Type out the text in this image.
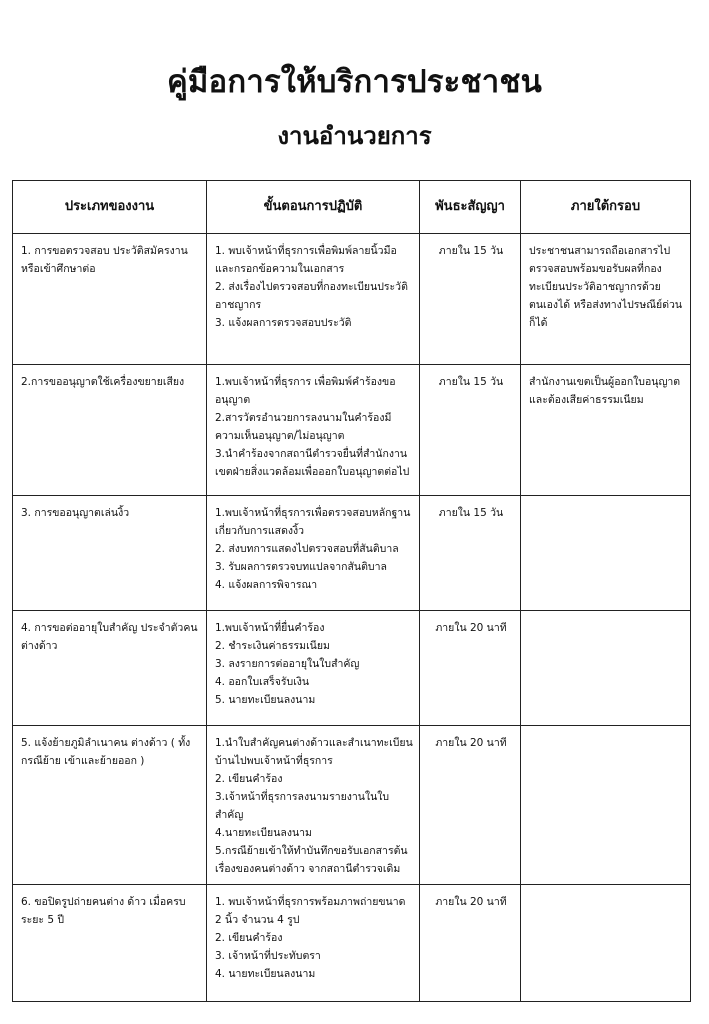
คู่มือการให้บริการประชาชน
งานอำนวยการ
ประเภทของงาน	ขั้นตอนการปฏิบัติ	พันธะสัญญา	ภายใต้กรอบ
1. การขอตรวจสอบ ประวัติสมัครงาน หรือเข้าศึกษาต่อ	1. พบเจ้าหน้าที่ธุรการเพื่อพิมพ์ลายนิ้วมือและกรอกข้อความในเอกสาร
2. ส่งเรื่องไปตรวจสอบที่กองทะเบียนประวัติอาชญากร
3. แจ้งผลการตรวจสอบประวัติ	ภายใน 15 วัน	ประชาชนสามารถถือเอกสารไปตรวจสอบพร้อมขอรับผลที่กองทะเบียนประวัติอาชญากรด้วยตนเองได้ หรือส่งทางไปรษณีย์ด่วนก็ได้
2.การขออนุญาตใช้เครื่องขยายเสียง	1.พบเจ้าหน้าที่ธุรการ เพื่อพิมพ์คำร้องขออนุญาต
2.สารวัตรอำนวยการลงนามในคำร้องมีความเห็นอนุญาต/ไม่อนุญาต
3.นำคำร้องจากสถานีตำรวจยื่นที่สำนักงานเขตฝ่ายสิ่งแวดล้อมเพื่อออกใบอนุญาตต่อไป	ภายใน 15 วัน	สำนักงานเขตเป็นผู้ออกใบอนุญาตและต้องเสียค่าธรรมเนียม
3. การขออนุญาตเล่นงิ้ว	1.พบเจ้าหน้าที่ธุรการเพื่อตรวจสอบหลักฐานเกี่ยวกับการแสดงงิ้ว
2. ส่งบทการแสดงไปตรวจสอบที่สันติบาล
3. รับผลการตรวจบทแปลจากสันติบาล
4. แจ้งผลการพิจารณา	ภายใน 15 วัน	
4. การขอต่ออายุใบสำคัญ ประจำตัวคนต่างด้าว	1.พบเจ้าหน้าที่ยื่นคำร้อง
2. ชำระเงินค่าธรรมเนียม
3. ลงรายการต่ออายุในใบสำคัญ
4. ออกใบเสร็จรับเงิน
5. นายทะเบียนลงนาม	ภายใน 20 นาที	
5. แจ้งย้ายภูมิลำเนาคน ต่างด้าว ( ทั้งกรณีย้าย เข้าและย้ายออก )	1.นำใบสำคัญคนต่างด้าวและสำเนาทะเบียนบ้านไปพบเจ้าหน้าที่ธุรการ
2. เขียนคำร้อง
3.เจ้าหน้าที่ธุรการลงนามรายงานในใบสำคัญ
4.นายทะเบียนลงนาม
5.กรณีย้ายเข้าให้ทำบันทึกขอรับเอกสารต้นเรื่องของคนต่างด้าว จากสถานีตำรวจเดิม	ภายใน 20 นาที	
6. ขอปิดรูปถ่ายคนต่าง ด้าว เมื่อครบระยะ 5 ปี	1. พบเจ้าหน้าที่ธุรการพร้อมภาพถ่ายขนาด 2 นิ้ว จำนวน 4 รูป
2. เขียนคำร้อง
3. เจ้าหน้าที่ประทับตรา
4. นายทะเบียนลงนาม	ภายใน 20 นาที	
